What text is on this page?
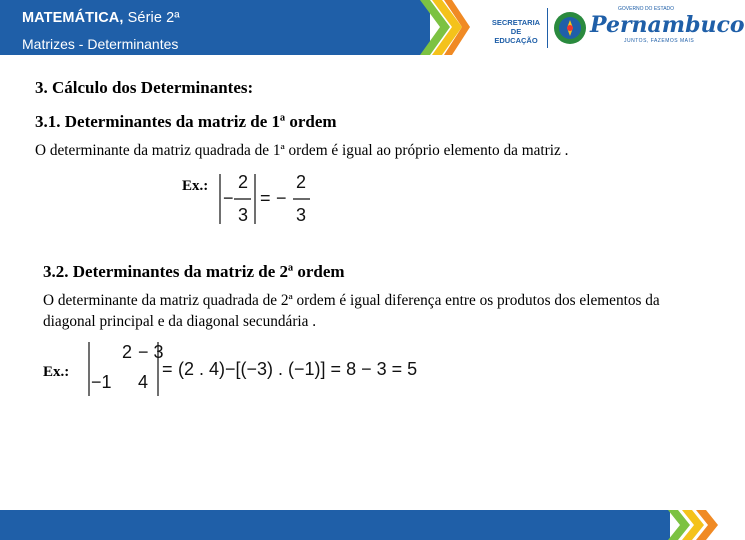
MATEMÁTICA, Série 2ª
Matrizes - Determinantes
SECRETARIA DE EDUCAÇÃO
GOVERNO DO ESTADO
Pernambuco
JUNTOS, FAZEMOS MAIS
3. Cálculo dos Determinantes:
3.1. Determinantes da matriz de 1ª ordem
O determinante da matriz quadrada de 1ª ordem é igual ao próprio elemento da matriz .
Ex.:
−
2
3
= −
2
3
3.2. Determinantes da matriz de 2ª ordem
O determinante da matriz quadrada de 2ª ordem é igual diferença entre os produtos dos elementos da diagonal principal e da diagonal secundária .
Ex.:
2 − 3
−1 4
= (2 . 4)−[(−3) . (−1)] = 8 − 3 = 5
